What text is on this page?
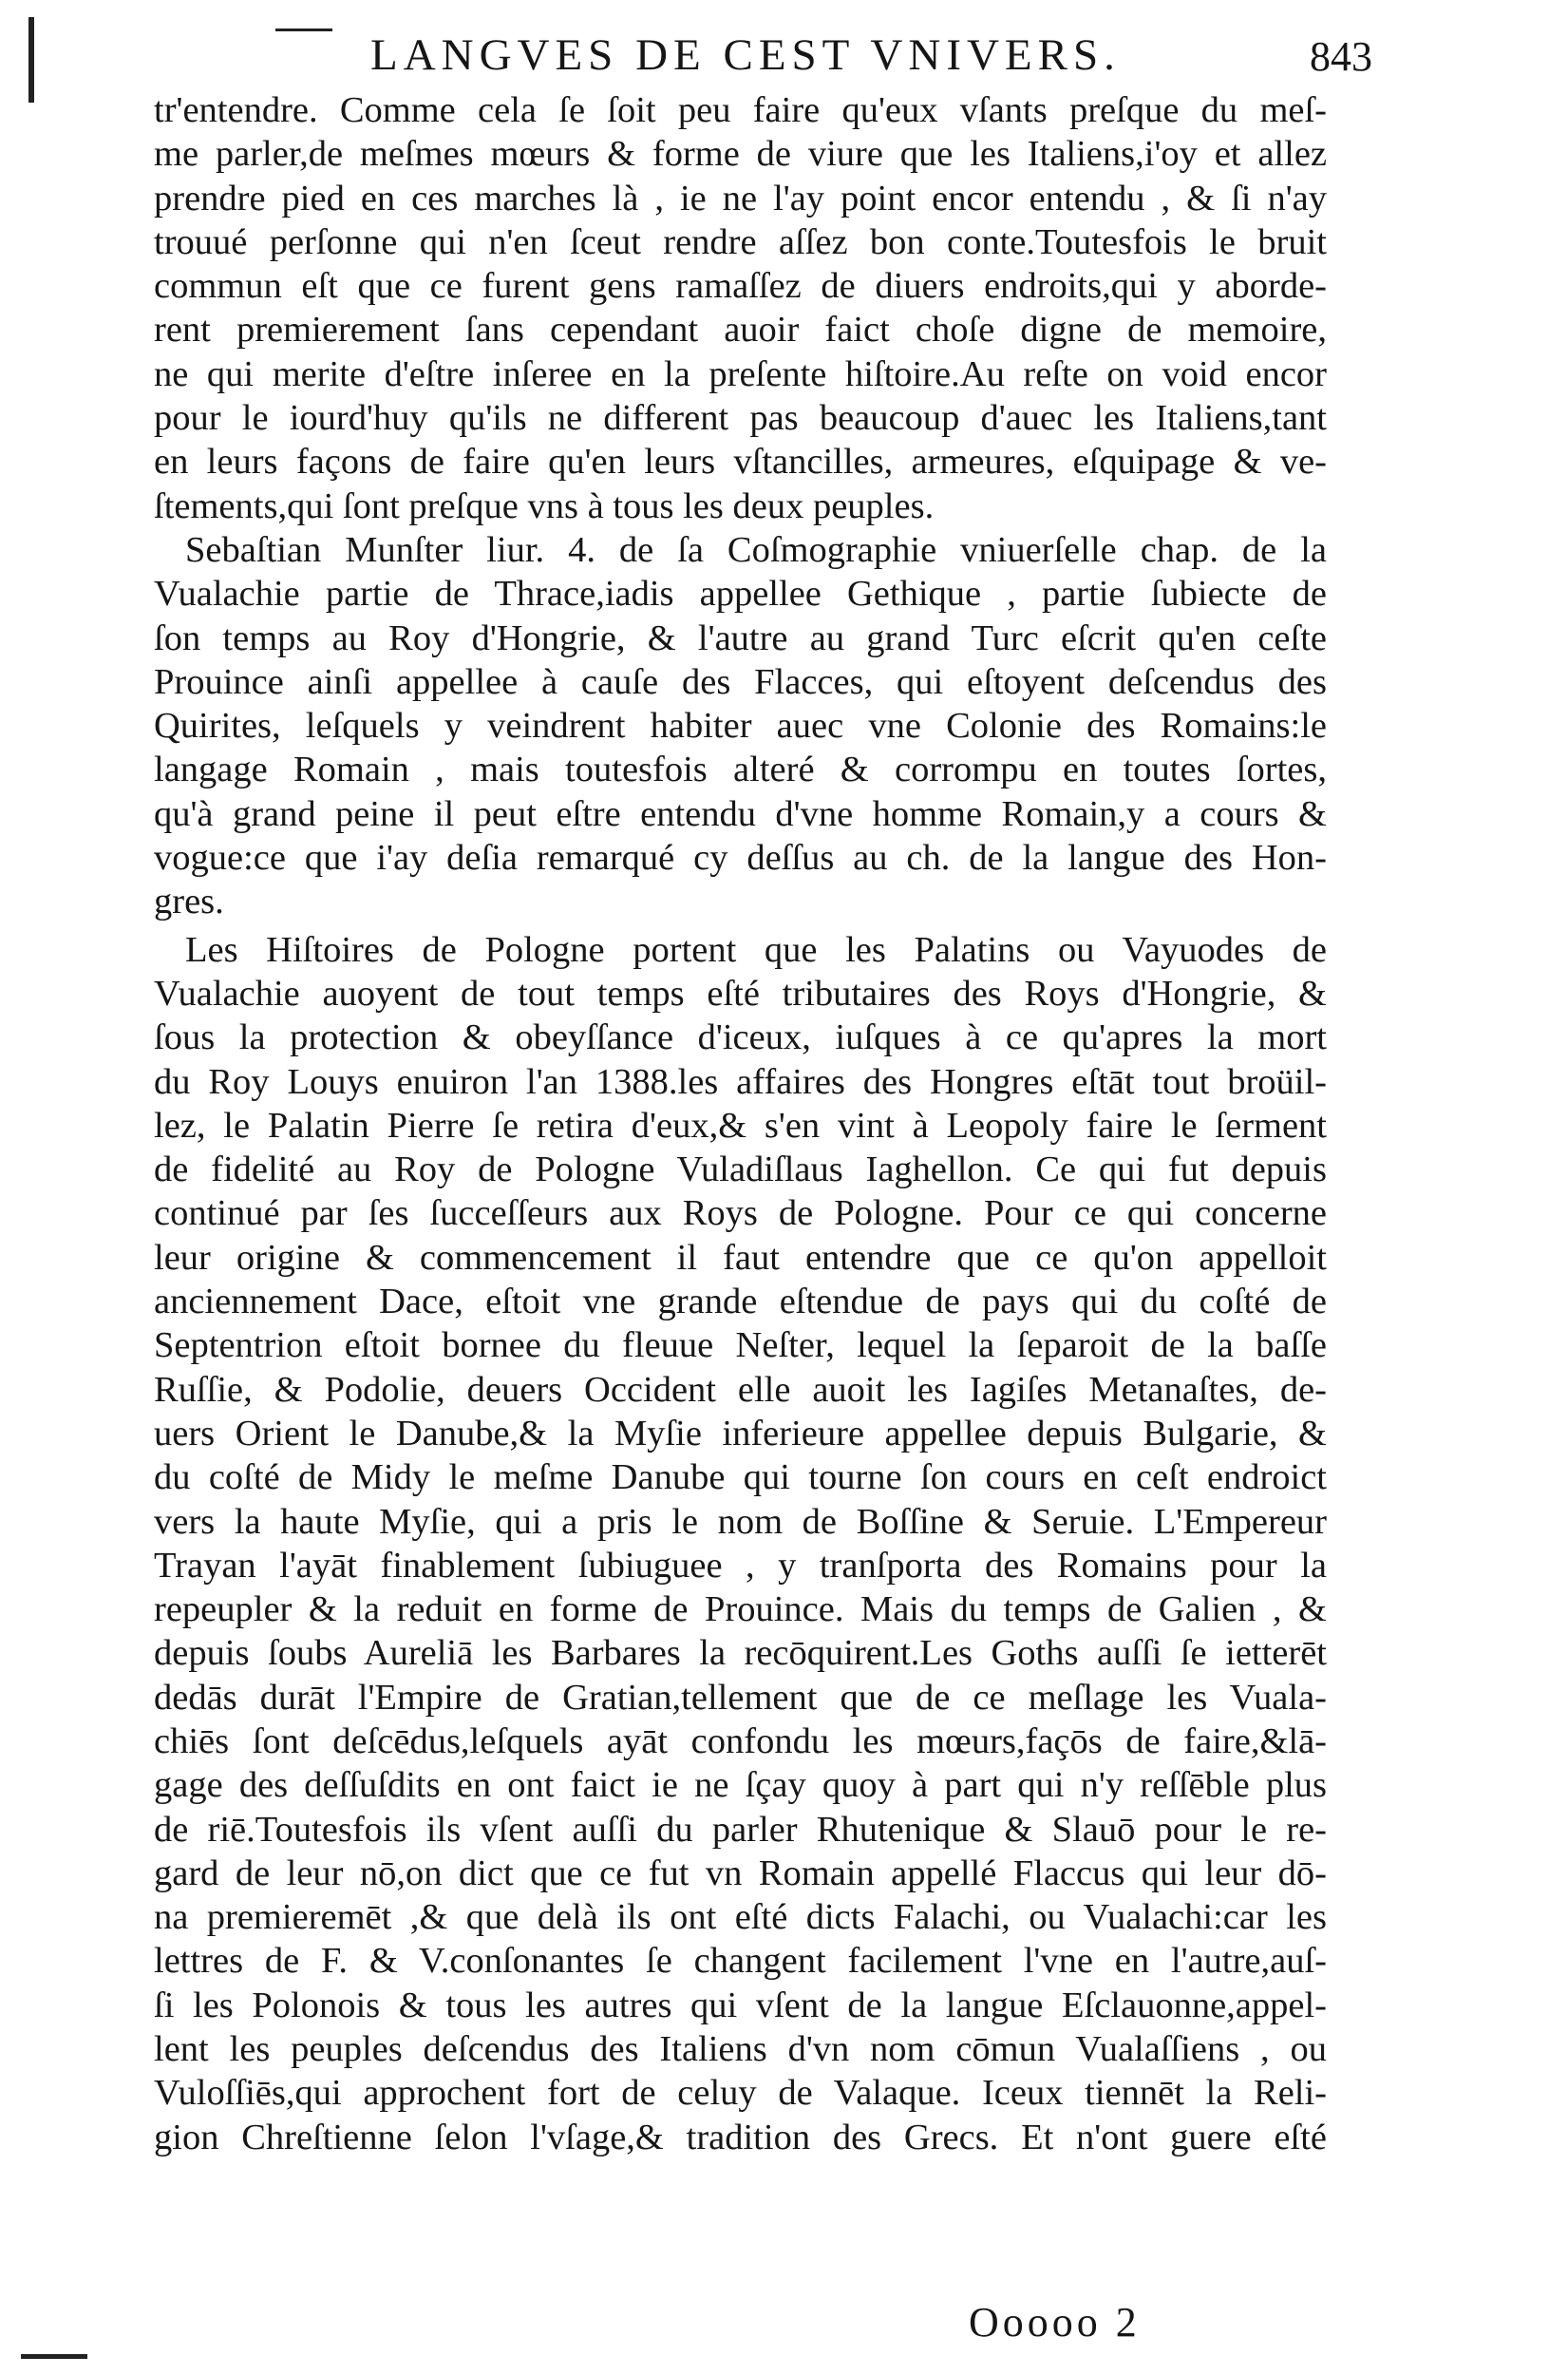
LANGVES DE CEST VNIVERS.	843
tr'entendre. Comme cela ſe ſoit peu faire qu'eux vſants preſque du meſ-
me parler,de meſmes mœurs & forme de viure que les Italiens,i'oy et allez
prendre pied en ces marches là , ie ne l'ay point encor entendu , & ſi n'ay
trouué perſonne qui n'en ſceut rendre aſſez bon conte.Toutesfois le bruit
commun eſt que ce furent gens ramaſſez de diuers endroits,qui y aborde-
rent premierement ſans cependant auoir faict choſe digne de memoire,
ne qui merite d'eſtre inſeree en la preſente hiſtoire.Au reſte on void encor
pour le iourd'huy qu'ils ne different pas beaucoup d'auec les Italiens,tant
en leurs façons de faire qu'en leurs vſtancilles, armeures, eſquipage & ve-
ſtements,qui ſont preſque vns à tous les deux peuples.
Sebaſtian Munſter liur. 4. de ſa Coſmographie vniuerſelle chap. de la
Vualachie partie de Thrace,iadis appellee Gethique , partie ſubiecte de
ſon temps au Roy d'Hongrie, & l'autre au grand Turc eſcrit qu'en ceſte
Prouince ainſi appellee à cauſe des Flacces, qui eſtoyent deſcendus des
Quirites, leſquels y veindrent habiter auec vne Colonie des Romains:le
langage Romain , mais toutesfois alteré & corrompu en toutes ſortes,
qu'à grand peine il peut eſtre entendu d'vne homme Romain,y a cours &
vogue:ce que i'ay deſia remarqué cy deſſus au ch. de la langue des Hon-
gres.
Les Hiſtoires de Pologne portent que les Palatins ou Vayuodes de
Vualachie auoyent de tout temps eſté tributaires des Roys d'Hongrie, &
ſous la protection & obeyſſance d'iceux, iuſques à ce qu'apres la mort
du Roy Louys enuiron l'an 1388.les affaires des Hongres eſtāt tout broüil-
lez, le Palatin Pierre ſe retira d'eux,& s'en vint à Leopoly faire le ſerment
de fidelité au Roy de Pologne Vuladiſlaus Iaghellon. Ce qui fut depuis
continué par ſes ſucceſſeurs aux Roys de Pologne. Pour ce qui concerne
leur origine & commencement il faut entendre que ce qu'on appelloit
anciennement Dace, eſtoit vne grande eſtendue de pays qui du coſté de
Septentrion eſtoit bornee du fleuue Neſter, lequel la ſeparoit de la baſſe
Ruſſie, & Podolie, deuers Occident elle auoit les Iagiſes Metanaſtes, de-
uers Orient le Danube,& la Myſie inferieure appellee depuis Bulgarie, &
du coſté de Midy le meſme Danube qui tourne ſon cours en ceſt endroict
vers la haute Myſie, qui a pris le nom de Boſſine & Seruie. L'Empereur
Trayan l'ayāt finablement ſubiuguee , y tranſporta des Romains pour la
repeupler & la reduit en forme de Prouince. Mais du temps de Galien , &
depuis ſoubs Aureliā les Barbares la recōquirent.Les Goths auſſi ſe ietterēt
dedās durāt l'Empire de Gratian,tellement que de ce meſlage les Vuala-
chiēs ſont deſcēdus,leſquels ayāt confondu les mœurs,façōs de faire,&lā-
gage des deſſuſdits en ont faict ie ne ſçay quoy à part qui n'y reſſēble plus
de riē.Toutesfois ils vſent auſſi du parler Rhutenique & Slauō pour le re-
gard de leur nō,on dict que ce fut vn Romain appellé Flaccus qui leur dō-
na premieremēt ,& que delà ils ont eſté dicts Falachi, ou Vualachi:car les
lettres de F. & V.conſonantes ſe changent facilement l'vne en l'autre,auſ-
ſi les Polonois & tous les autres qui vſent de la langue Eſclauonne,appel-
lent les peuples deſcendus des Italiens d'vn nom cōmun Vualaſſiens , ou
Vuloſſiēs,qui approchent fort de celuy de Valaque. Iceux tiennēt la Reli-
gion Chreſtienne ſelon l'vſage,& tradition des Grecs. Et n'ont guere eſté
Ooooo 2
